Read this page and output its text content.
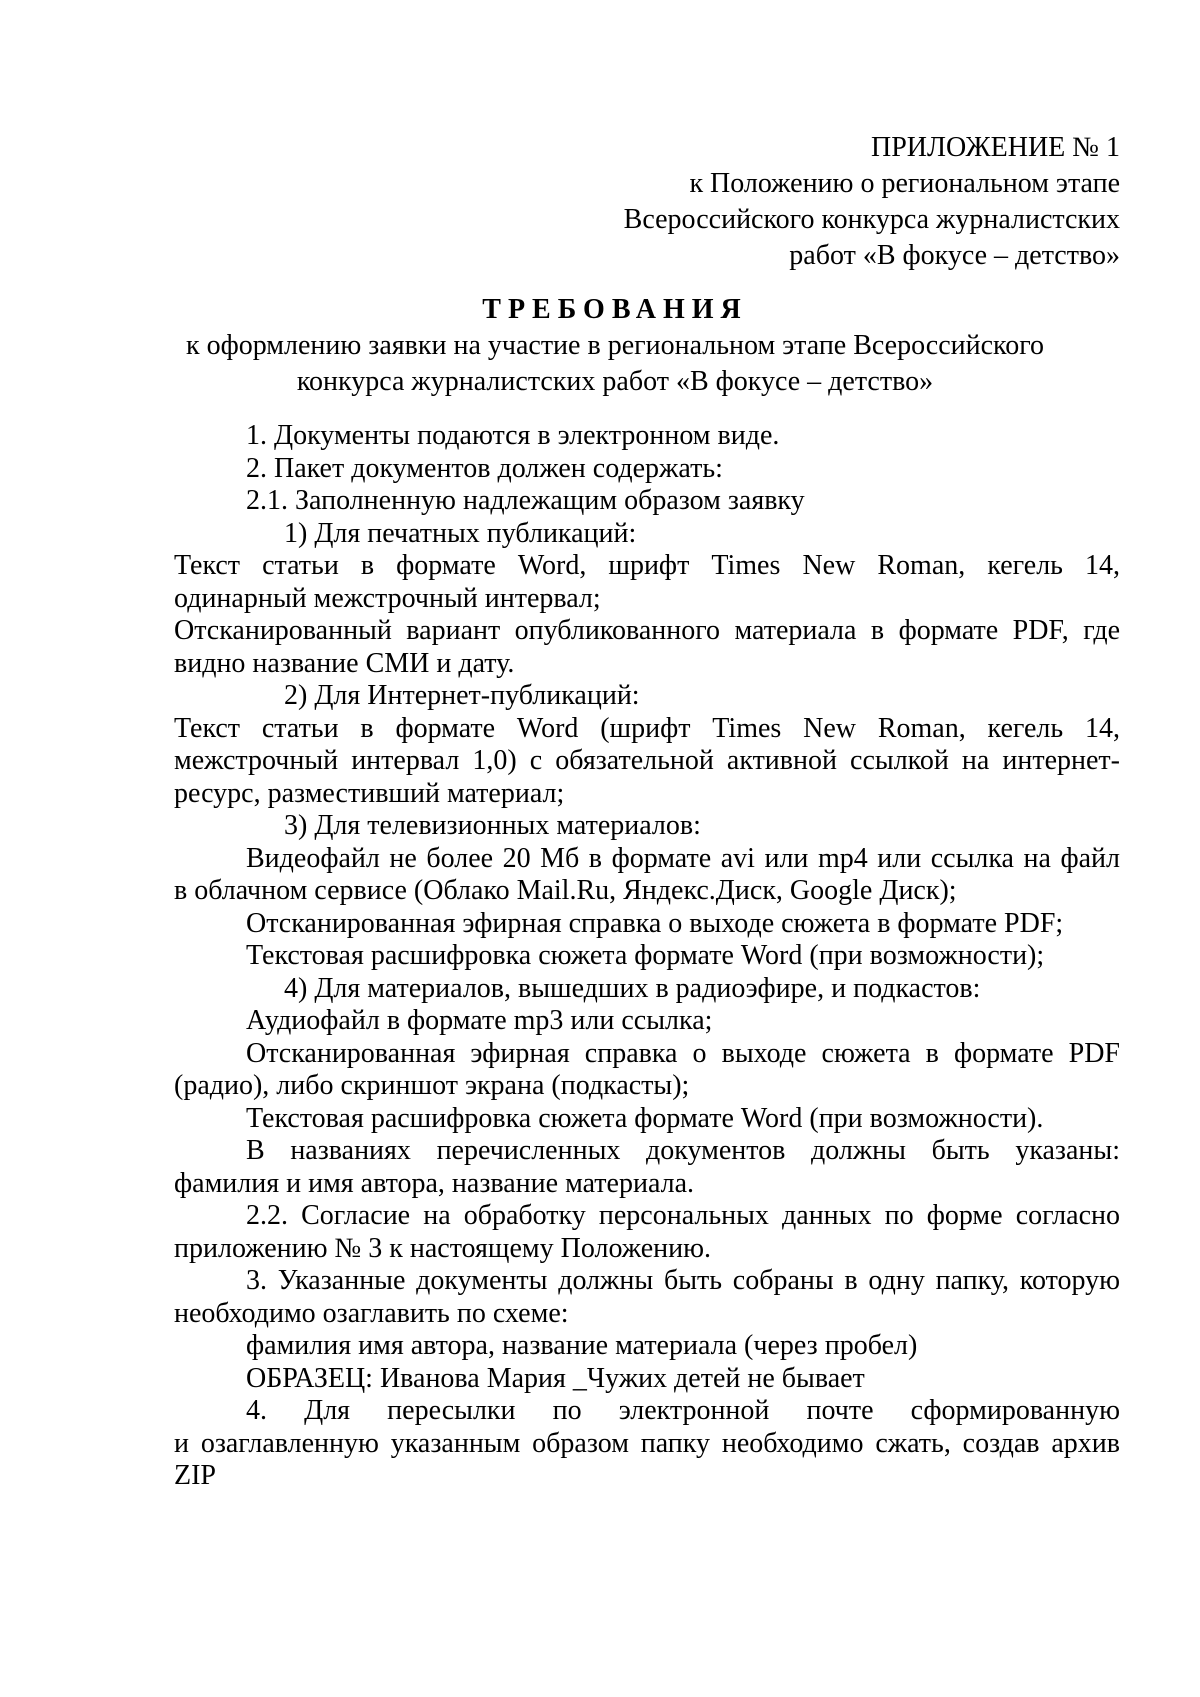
ПРИЛОЖЕНИЕ № 1
к Положению о региональном этапе
Всероссийского конкурса журналистских
работ «В фокусе – детство»
ТРЕБОВАНИЯ
к оформлению заявки на участие в региональном этапе Всероссийского
конкурса журналистских работ «В фокусе – детство»

1. Документы подаются в электронном виде.

2. Пакет документов должен содержать:

2.1. Заполненную надлежащим образом заявку

1) Для печатных публикаций:

Текст статьи в формате Word, шрифт Times New Roman, кегель 14,

одинарный межстрочный интервал;

Отсканированный вариант опубликованного материала в формате PDF, где

видно название СМИ и дату.

2) Для Интернет-публикаций:

Текст статьи в формате Word (шрифт Times New Roman, кегель 14,

межстрочный интервал 1,0) с обязательной активной ссылкой на интернет-

ресурс, разместивший материал;

3) Для телевизионных материалов:

Видеофайл не более 20 Мб в формате avi или mp4 или ссылка на файл

в облачном сервисе (Облако Mail.Ru, Яндекс.Диск, Google Диск);

Отсканированная эфирная справка о выходе сюжета в формате PDF;

Текстовая расшифровка сюжета формате Word (при возможности);

4) Для материалов, вышедших в радиоэфире, и подкастов:

Аудиофайл в формате mp3 или ссылка;

Отсканированная эфирная справка о выходе сюжета в формате PDF

(радио), либо скриншот экрана (подкасты);

Текстовая расшифровка сюжета формате Word (при возможности).

В названиях перечисленных документов должны быть указаны:

фамилия и имя автора, название материала.

2.2. Согласие на обработку персональных данных по форме согласно

приложению № 3 к настоящему Положению.

3. Указанные документы должны быть собраны в одну папку, которую

необходимо озаглавить по схеме:

фамилия имя автора, название материала (через пробел)

ОБРАЗЕЦ: Иванова Мария _Чужих детей не бывает

4. Для пересылки по электронной почте сформированную

и озаглавленную указанным образом папку необходимо сжать, создав архив

ZIP
